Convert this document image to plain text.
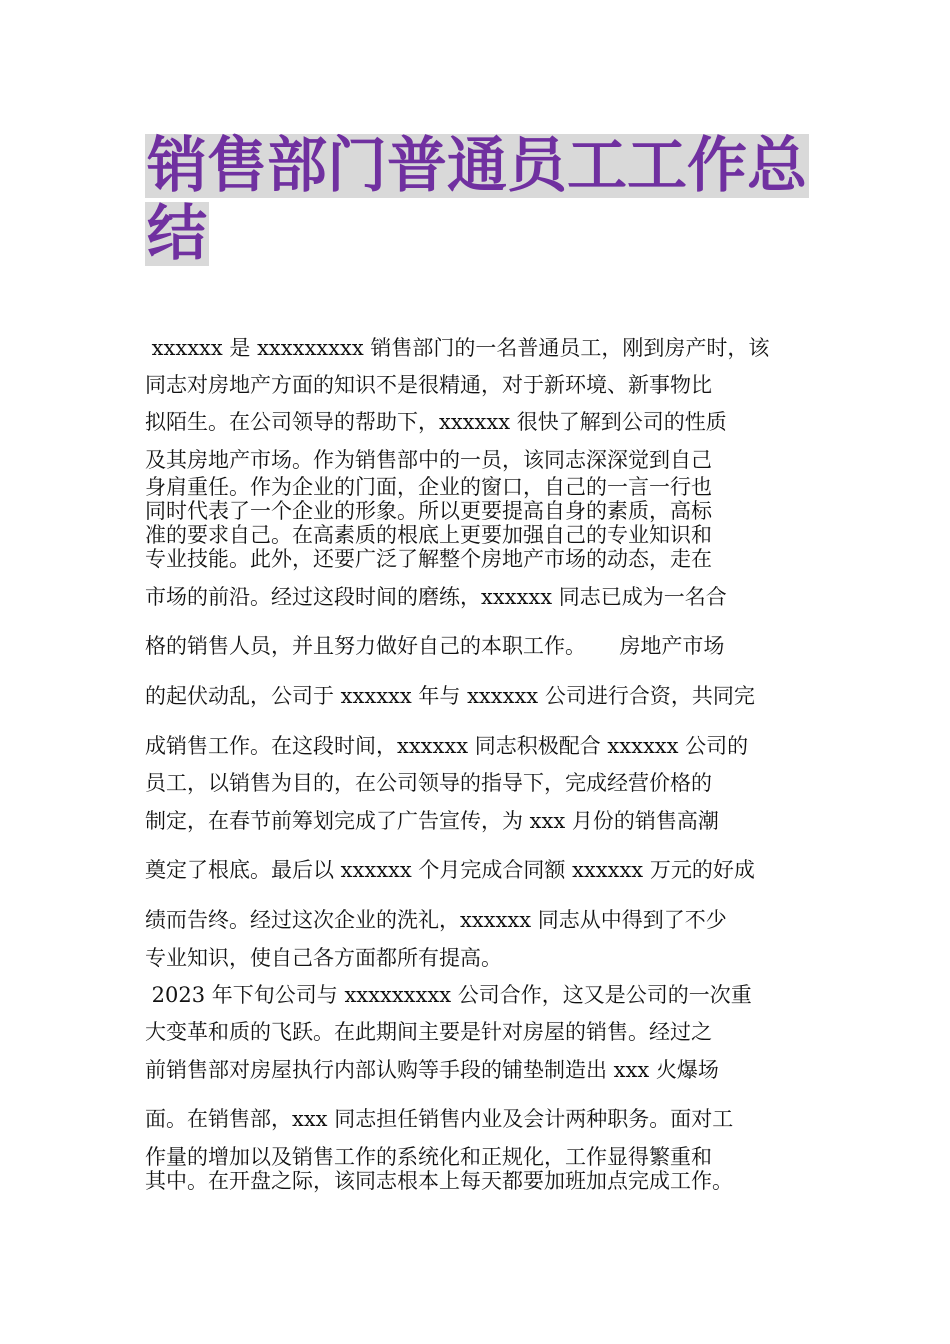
销售部门普通员工工作总
结
xxxxxx 是 xxxxxxxxx 销售部门的一名普通员工，刚到房产时，该
同志对房地产方面的知识不是很精通，对于新环境、新事物比
拟陌生。在公司领导的帮助下，xxxxxx 很快了解到公司的性质
及其房地产市场。作为销售部中的一员，该同志深深觉到自己
身肩重任。作为企业的门面，企业的窗口，自己的一言一行也
同时代表了一个企业的形象。所以更要提高自身的素质，高标
准的要求自己。在高素质的根底上更要加强自己的专业知识和
专业技能。此外，还要广泛了解整个房地产市场的动态，走在
市场的前沿。经过这段时间的磨练，xxxxxx 同志已成为一名合
格的销售人员，并且努力做好自己的本职工作。     房地产市场
的起伏动乱，公司于 xxxxxx 年与 xxxxxx 公司进行合资，共同完
成销售工作。在这段时间，xxxxxx 同志积极配合 xxxxxx 公司的
员工，以销售为目的，在公司领导的指导下，完成经营价格的
制定，在春节前筹划完成了广告宣传，为 xxx 月份的销售高潮
奠定了根底。最后以 xxxxxx 个月完成合同额 xxxxxx 万元的好成
绩而告终。经过这次企业的洗礼，xxxxxx 同志从中得到了不少
专业知识，使自己各方面都所有提高。
2023 年下旬公司与 xxxxxxxxx 公司合作，这又是公司的一次重
大变革和质的飞跃。在此期间主要是针对房屋的销售。经过之
前销售部对房屋执行内部认购等手段的铺垫制造出 xxx 火爆场
面。在销售部，xxx 同志担任销售内业及会计两种职务。面对工
作量的增加以及销售工作的系统化和正规化，工作显得繁重和
其中。在开盘之际，该同志根本上每天都要加班加点完成工作。
